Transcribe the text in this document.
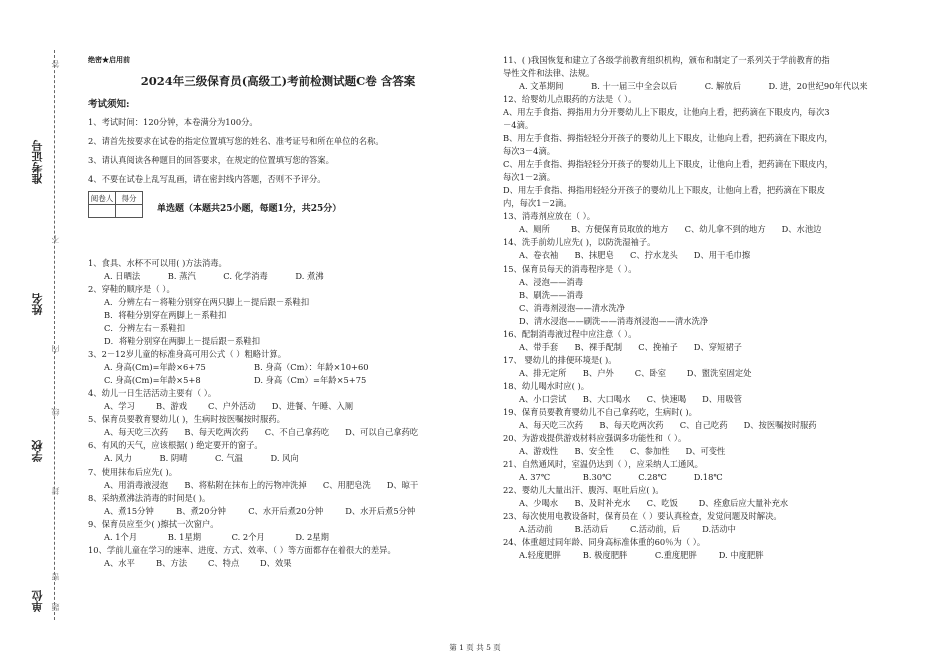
准考证号
姓名
学校
单位
答
不
内
线
封
密
题
绝密★启用前
2024年三级保育员(高级工)考前检测试题C卷 含答案
考试须知:
1、考试时间：120分钟，本卷满分为100分。
2、请首先按要求在试卷的指定位置填写您的姓名、准考证号和所在单位的名称。
3、请认真阅读各种题目的回答要求，在规定的位置填写您的答案。
4、不要在试卷上乱写乱画，请在密封线内答题，否则不予评分。
阅卷人	得分

单选题（本题共25小题，每题1分，共25分）
1、食具、水杯不可以用( )方法消毒。
A. 日晒法	B. 蒸汽	C. 化学消毒	D. 煮沸
2、穿鞋的顺序是（ ）。
A．分辨左右－将鞋分别穿在两只脚上－提后跟－系鞋扣
B．将鞋分别穿在两脚上－系鞋扣
C．分辨左右－系鞋扣
D．将鞋分别穿在两脚上－提后跟－系鞋扣
3、2－12岁儿童的标准身高可用公式（ ）粗略计算。
A. 身高(Cm)=年龄×6+75	B. 身高（Cm）：年龄×10+60
C. 身高(Cm)=年龄×5+8	D. 身高（Cm）=年龄×5+75
4、幼儿一日生活活动主要有（ ）。
A、学习	B、游戏	C、户外活动	D、进餐、午睡、入厕
5、保育员要教育婴幼儿( )，生病时按医嘱按时服药。
A、每天吃三次药	B、每天吃两次药	C、不自己拿药吃	D、可以自己拿药吃
6、有风的天气，应该根据( ) 绝定要开的窗子。
A. 风力	B. 阴晴	C. 气温	D. 风向
7、使用抹布后应先( )。
A、用消毒液浸泡	B、将粘附在抹布上的污物冲洗掉	C、用肥皂洗	D、晾干
8、采纳煮沸法消毒的时间是( )。
A、煮15分钟	B、煮20分钟	C、水开后煮20分钟	D、水开后煮5分钟
9、保育员应至少( )擦拭一次窗户。
A. 1个月	B. 1星期	C. 2个月	D. 2星期
10、学前儿童在学习的速率、进度、方式、效率、（ ）等方面都存在着很大的差异。
A、水平	B、方法	C、特点	D、效果
11、( )我国恢复和建立了各级学前教育组织机构，颁布和制定了一系列关于学前教育的指
导性文件和法律、法规。
A. 文革期间	B. 十一届三中全会以后	C. 解放后	D. 进，20世纪90年代以来
12、给婴幼儿点眼药的方法是（ ）。
A、用左手食指、拇指用力分开婴幼儿上下眼皮，让他向上看，把药滴在下眼皮内，每次3
－4滴。
B、用左手食指、拇指轻轻分开孩子的婴幼儿上下眼皮，让他向上看，把药滴在下眼皮内，
每次3－4滴。
C、用左手食指、拇指轻轻分开孩子的婴幼儿上下眼皮，让他向上看，把药滴在下眼皮内，
每次1－2滴。
D、用左手食指、拇指用轻轻分开孩子的婴幼儿上下眼皮，让他向上看，把药滴在下眼皮
内，每次1－2滴。
13、消毒剂应放在（ ）。
A、厕所	B、方便保育员取放的地方	C、幼儿拿不到的地方	D、水池边
14、洗手前幼儿应先( )，以防洗湿袖子。
A、卷衣袖	B、抹肥皂	C、拧水龙头	D、用干毛巾擦
15、保育员每天的消毒程序是（ ）。
A、浸泡——消毒
B、刷洗——消毒
C、消毒剂浸泡——清水洗净
D、清水浸泡——刷洗——消毒剂浸泡——清水洗净
16、配制消毒液过程中应注意（ ）。
A、带手套	B、裸手配制	C、挽袖子	D、穿短裙子
17、 婴幼儿的排便环境是( )。
A、排无定所	B、户外	C、卧室	D、盥洗室固定处
18、幼儿喝水时应( )。
A、小口尝试	B、大口喝水	C、快速喝	D、用吸管
19、保育员要教育婴幼儿不自己拿药吃，生病时( )。
A、每天吃三次药	B、每天吃两次药	C、自己吃药	D、按医嘱按时服药
20、为游戏提供游戏材料应强调多功能性和（ ）。
A、游戏性	B、安全性	C、参加性	D、可变性
21、自然通风时，室温仍达到（ ），应采纳人工通风。
A. 37℃	B.30℃	C.28℃	D.18℃
22、婴幼儿大量出汗、腹泻、呕吐后应( )。
A、少喝水	B、及时补充水	C、吃饭	D、痊愈后应大量补充水
23、每次使用电教设备时，保育员在（ ）要认真检查，发觉问题及时解决。
A.活动前	B.活动后	C.活动前，后	D.活动中
24、体重超过同年龄、同身高标准体重的60％为（ ）。
A.轻度肥胖	B. 极度肥胖	C.重度肥胖	D. 中度肥胖
第 1 页 共 5 页
